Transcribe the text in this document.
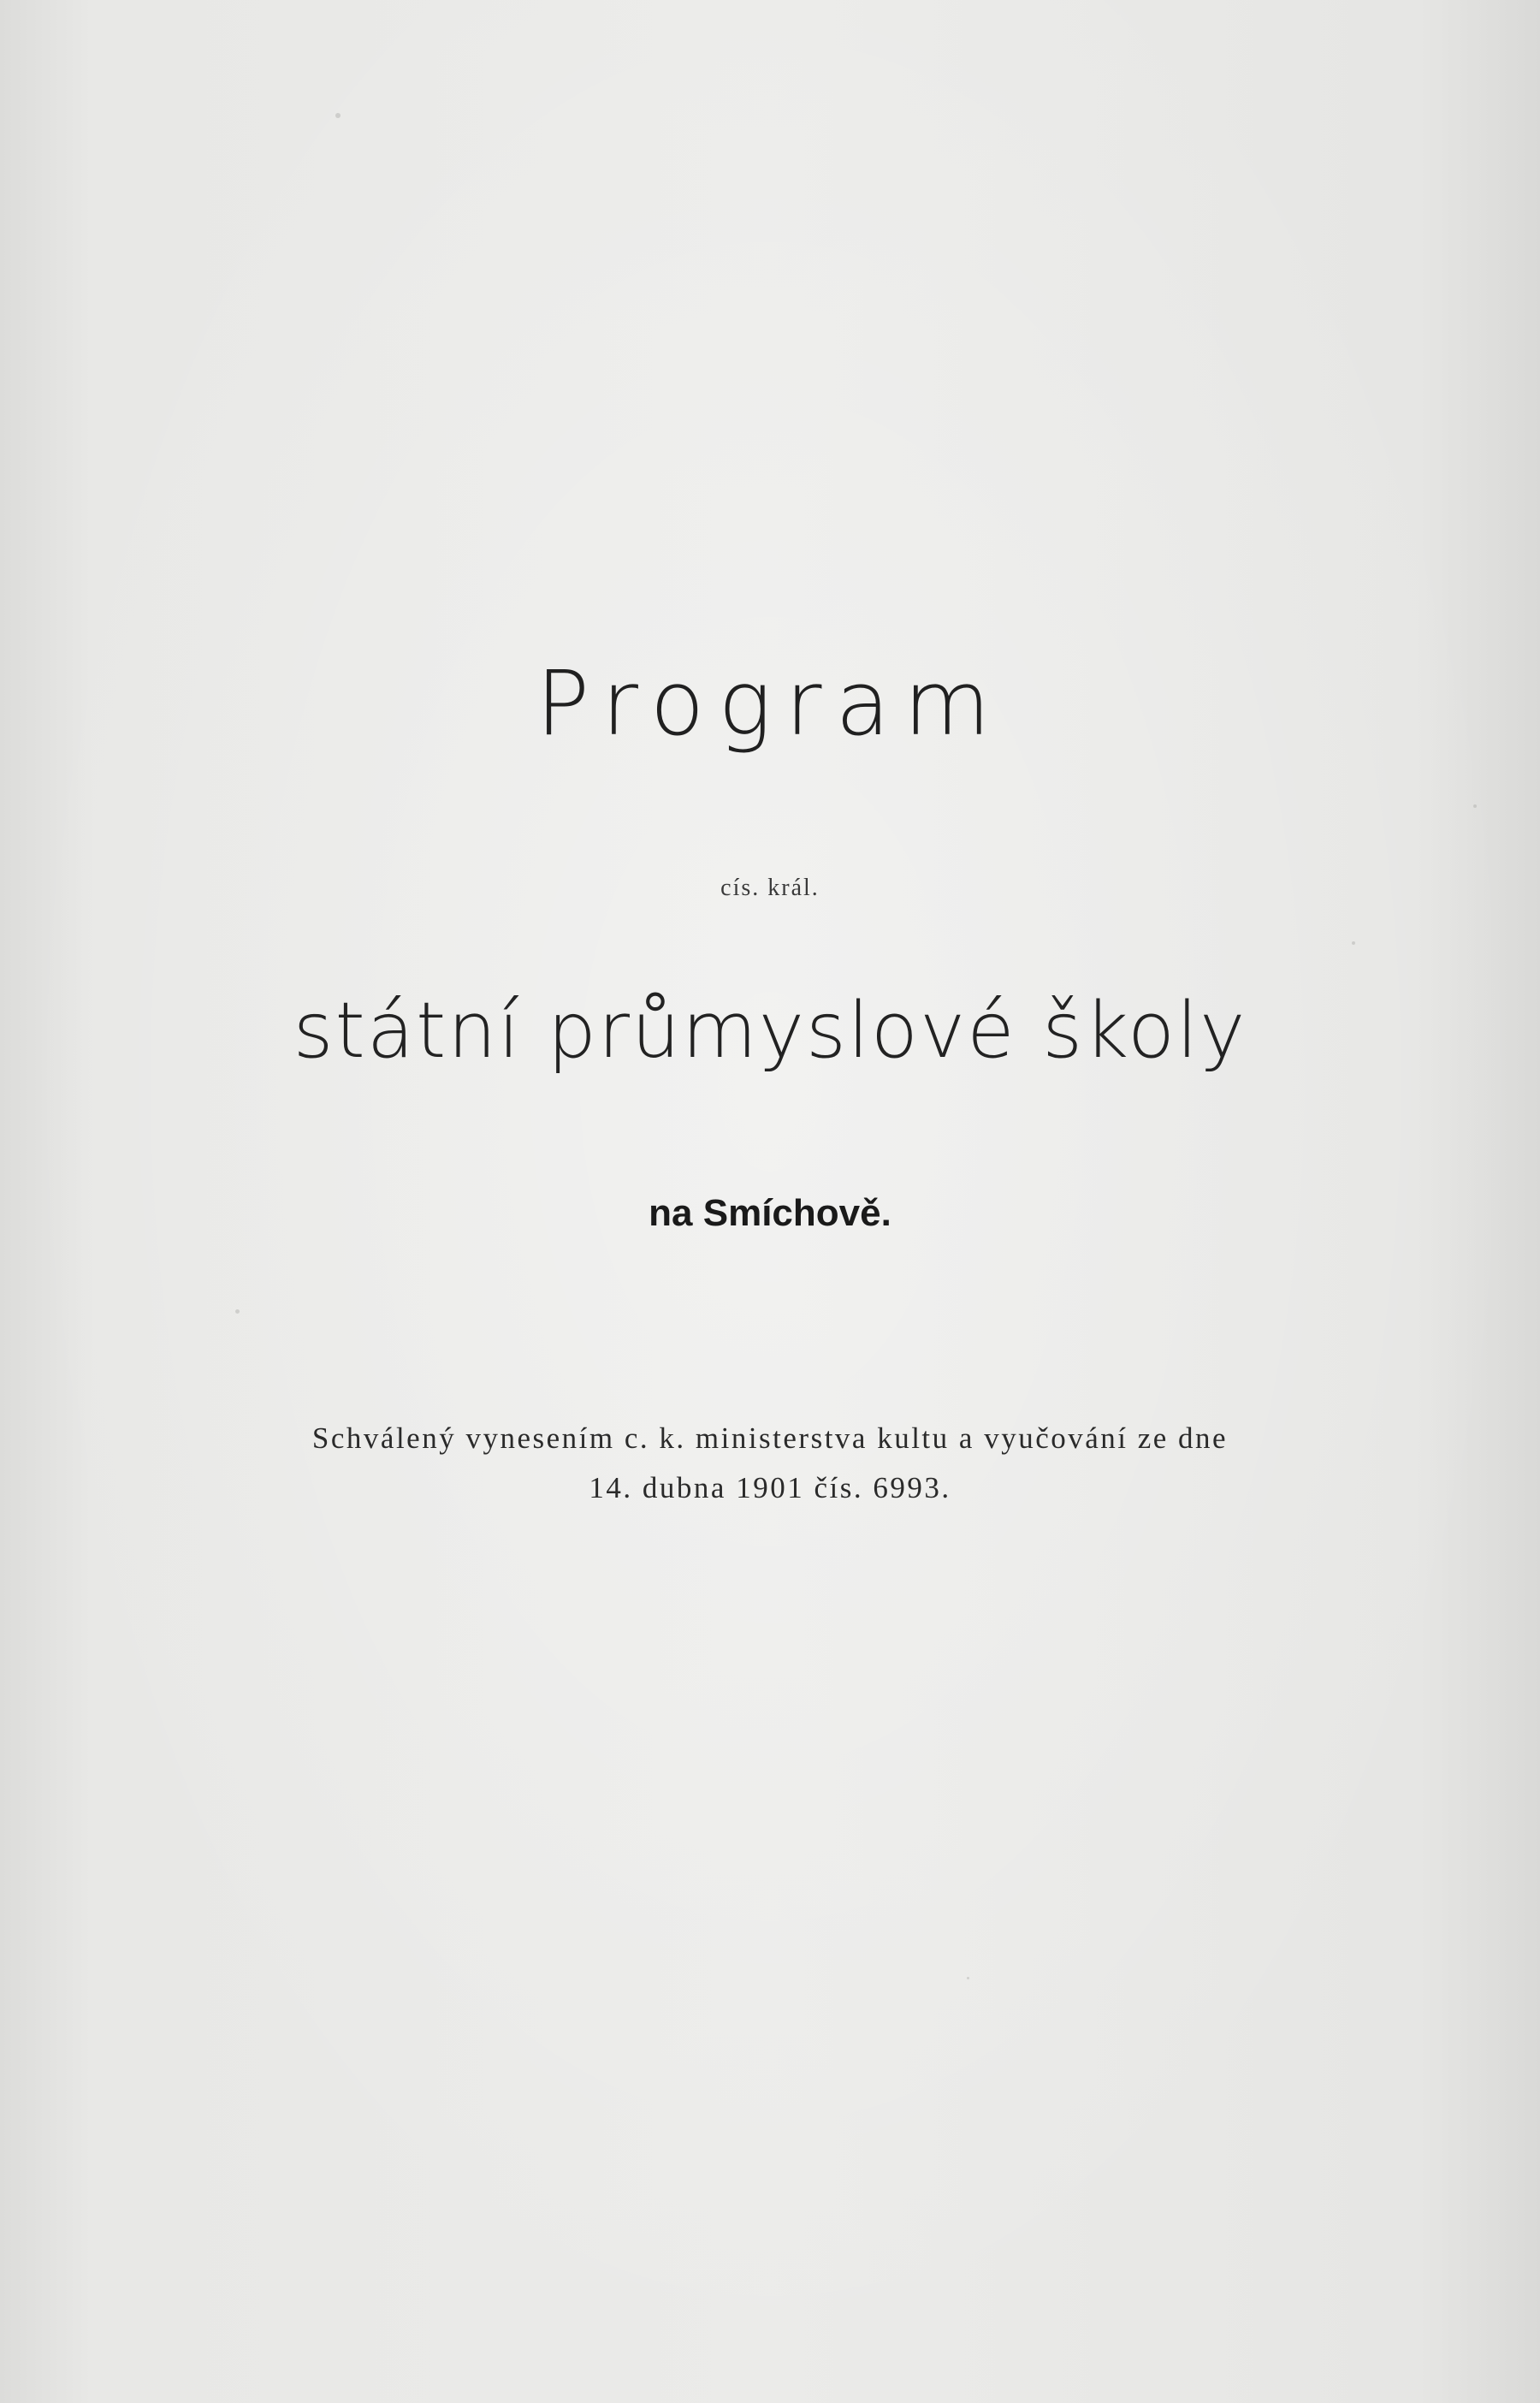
Program
cís. král.
státní průmyslové školy
na Smíchově.
Schválený vynesením c. k. ministerstva kultu a vyučování ze dne
14. dubna 1901 čís. 6993.
